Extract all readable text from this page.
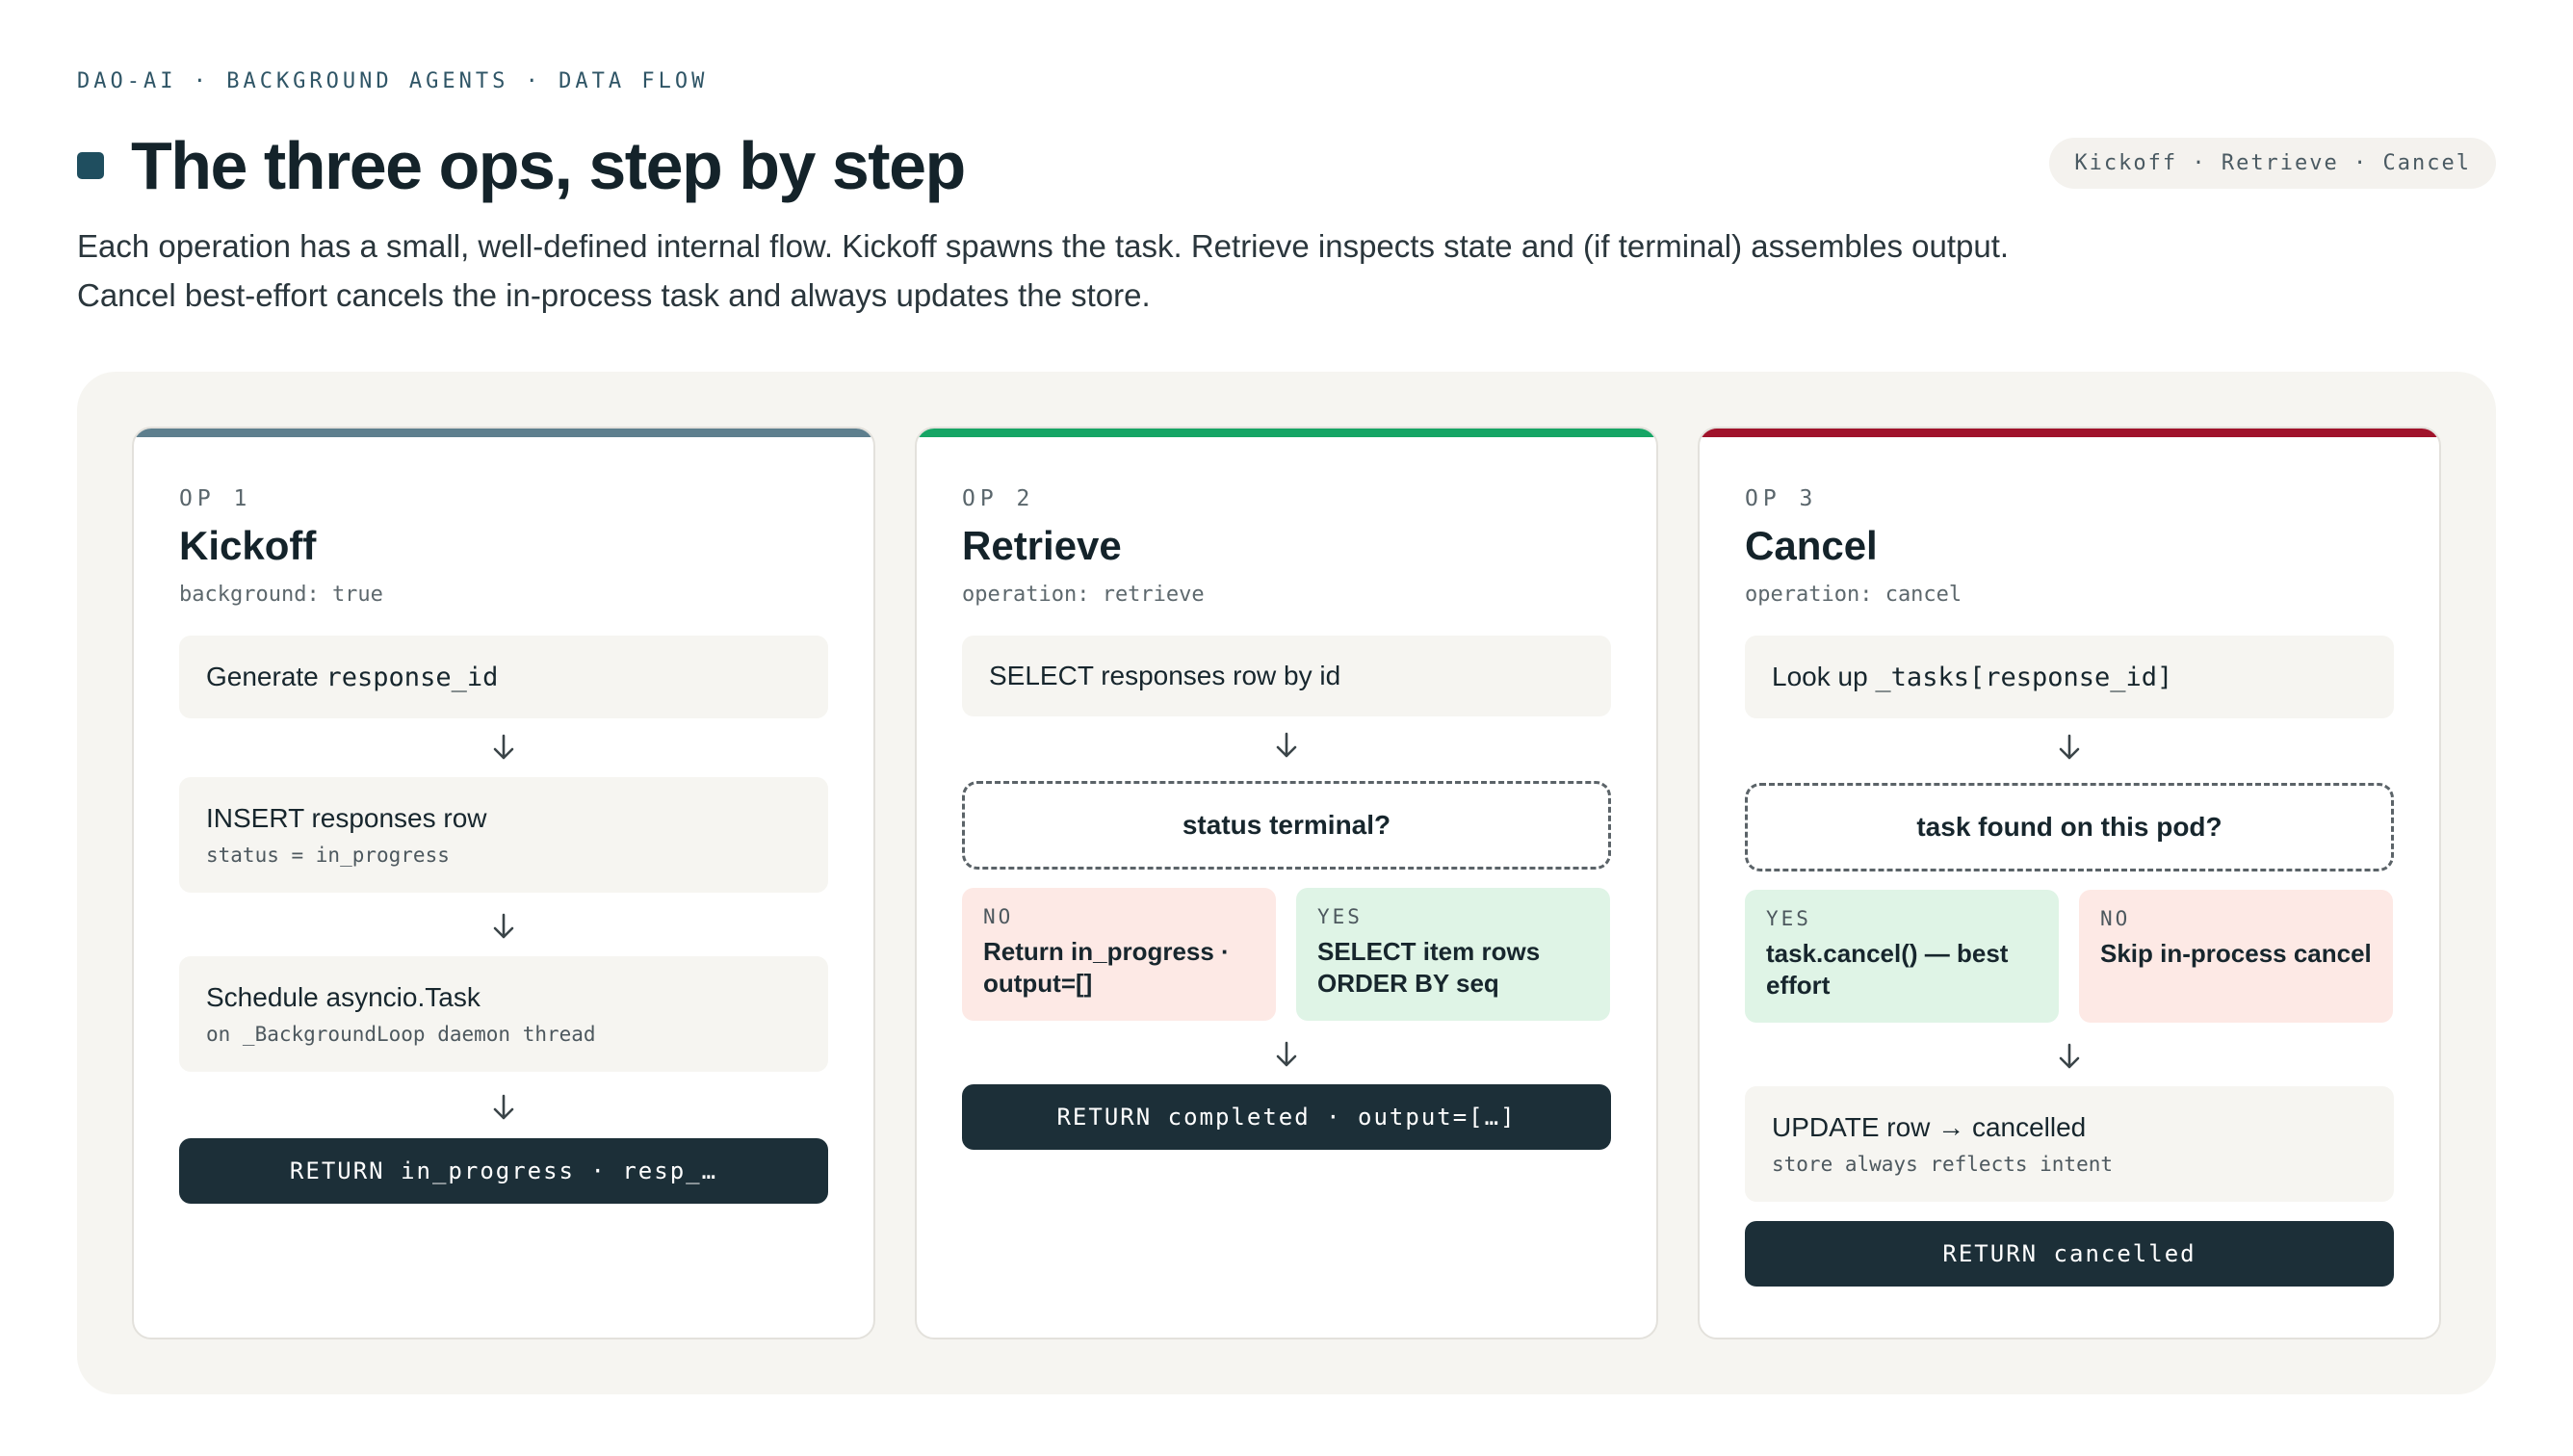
DAO-AI · BACKGROUND AGENTS · DATA FLOW
The three ops, step by step	Kickoff · Retrieve · Cancel
Each operation has a small, well-defined internal flow. Kickoff spawns the task. Retrieve inspects state and (if terminal) assembles output. Cancel best-effort cancels the in-process task and always updates the store.
OP 1
Kickoff
background: true
Generate response_id
INSERT responses row
status = in_progress
Schedule asyncio.Task
on _BackgroundLoop daemon thread
RETURN in_progress · resp_…
OP 2
Retrieve
operation: retrieve
SELECT responses row by id
status terminal?
NO
Return in_progress · output=[]
YES
SELECT item rows ORDER BY seq
RETURN completed · output=[…]
OP 3
Cancel
operation: cancel
Look up _tasks[response_id]
task found on this pod?
YES
task.cancel() — best effort
NO
Skip in-process cancel
UPDATE row → cancelled
store always reflects intent
RETURN cancelled
